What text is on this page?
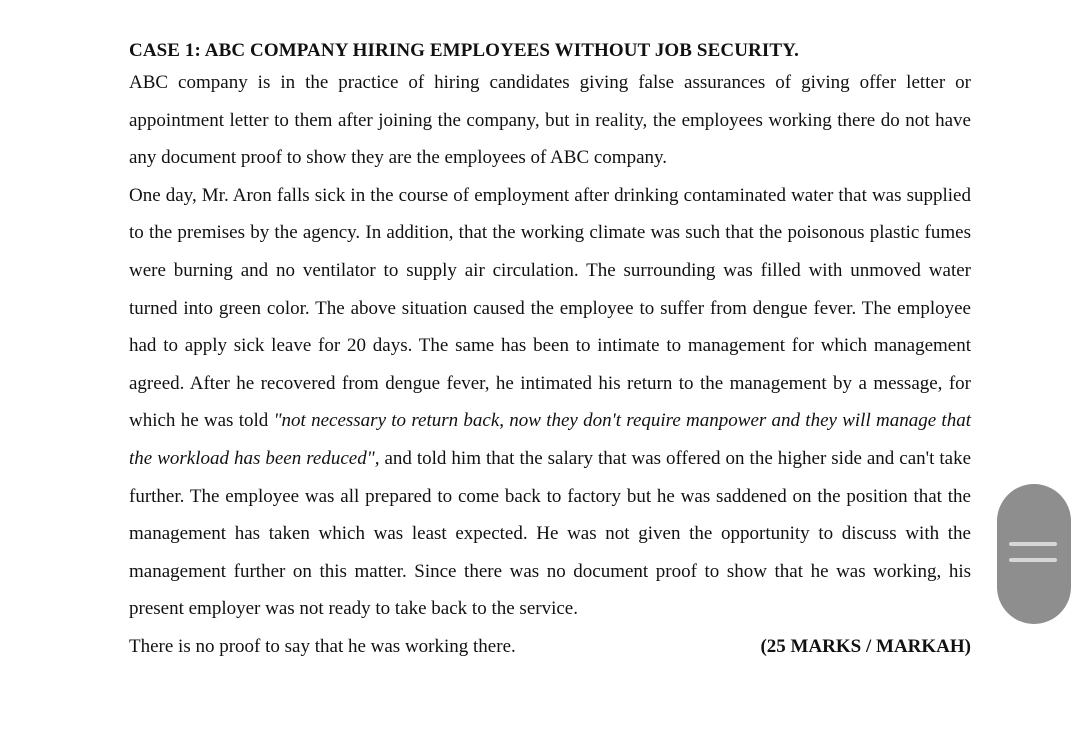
CASE 1: ABC COMPANY HIRING EMPLOYEES WITHOUT JOB SECURITY.

ABC company is in the practice of hiring candidates giving false assurances of giving offer letter or appointment letter to them after joining the company, but in reality, the employees working there do not have any document proof to show they are the employees of ABC company.

One day, Mr. Aron falls sick in the course of employment after drinking contaminated water that was supplied to the premises by the agency. In addition, that the working climate was such that the poisonous plastic fumes were burning and no ventilator to supply air circulation. The surrounding was filled with unmoved water turned into green color. The above situation caused the employee to suffer from dengue fever. The employee had to apply sick leave for 20 days. The same has been to intimate to management for which management agreed. After he recovered from dengue fever, he intimated his return to the management by a message, for which he was told "not necessary to return back, now they don't require manpower and they will manage that the workload has been reduced", and told him that the salary that was offered on the higher side and can't take further. The employee was all prepared to come back to factory but he was saddened on the position that the management has taken which was least expected. He was not given the opportunity to discuss with the management further on this matter. Since there was no document proof to show that he was working, his present employer was not ready to take back to the service.

There is no proof to say that he was working there.	(25 MARKS / MARKAH)
